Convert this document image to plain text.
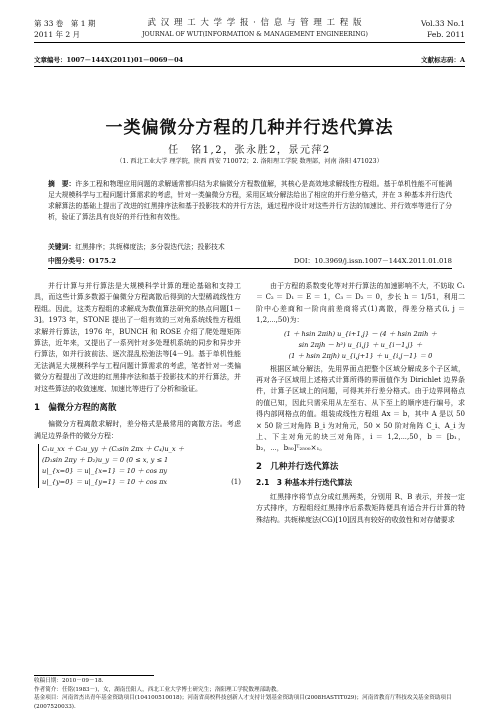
第 33 卷　第 1 期
2011 年 2 月
武 汉 理 工 大 学 学 报 · 信 息 与 管 理 工 程 版
JOURNAL OF WUT(INFORMATION & MANAGEMENT ENGINEERING)
Vol.33 No.1
Feb. 2011
文章编号：1007－144X(2011)01－0069－04	文献标志码：A
一类偏微分方程的几种并行迭代算法
任　铭1,2，张永胜2，景元萍2
（1. 西北工业大学 理学院，陕西 西安 710072；2. 洛阳理工学院 数理部，河南 洛阳 471023）
摘　要：许多工程和物理应用问题的求解通常都归结为求偏微分方程数值解，其核心是高效地求解线性方程组。基于单机性能不可能满足大规模科学与工程问题计算需求的考虑，针对一类偏微分方程，采用区域分解法给出了相应的并行差分格式，并在 3 种基本并行迭代求解算法的基础上提出了改进的红黑排序法和基于投影技术的并行方法，通过程序设计对这些并行方法的加速比、并行效率等进行了分析，验证了算法具有良好的并行性和有效性。
关键词：红黑排序；共轭梯度法；多分裂迭代法；投影技术
中图分类号：O175.2	DOI：10.3969/j.issn.1007－144X.2011.01.018
并行计算与并行算法是大规模科学计算的理论基础和支持工具，而这些计算多数源于偏微分方程离散后得到的大型稀疏线性方程组。因此，这类方程组的求解成为数值算法研究的热点问题[1－3]。1973 年，STONE 提出了一组有效的三对角系统线性方程组求解并行算法，1976 年，BUNCH 和 ROSE 介绍了爬处理矩阵算法，近年来，又提出了一系列针对多处理机系统的同步和异步并行算法，如并行波前法、逐次混乱松弛法等[4－9]。基于单机性能无法满足大规模科学与工程问题计算需求的考虑，笔者针对一类偏微分方程提出了改进的红黑排序法和基于投影技术的并行算法，并对这些算法的收敛速度、加速比等进行了分析和验证。
1　偏微分方程的离散
偏微分方程离散求解时，差分格式是最常用的离散方法。考虑满足边界条件的微分方程：
C₁u_xx ＋ C₂u_yy ＋ (C₃sin 2πx ＋ C₄)u_x ＋
(D₁sin 2πy ＋ D₂)u_y ＝ 0 (0 ≤ x, y ≤ 1
u|_{x=0} ＝ u|_{x=1} ＝ 10 ＋ cos πy
u|_{y=0} ＝ u|_{y=1} ＝ 10 ＋ cos πx	(1)
由于方程的系数变化等对并行算法的加速影响不大，不妨取 C₁ ＝ C₂ ＝ D₁ ＝ E ＝ 1，C₃ ＝ D₂ ＝ 0，步长 h ＝ 1/51，利用二阶中心差商和一阶向前差商将式(1)离散，得差分格式(i, j ＝ 1,2,⋯,50)为：
(1 ＋ hsin 2πih) u_{i+1,j} － (4 ＋ hsin 2πih ＋
sin 2πjh － h²) u_{i,j} ＋ u_{i－1,j} ＋
(1 ＋ hsin 2πjh) u_{i,j+1} ＋ u_{i,j－1} ＝ 0
根据区域分解法，先用界面点把整个区域分解成多个子区域，再对各子区域用上述格式计算所得的界面值作为 Dirichlet 边界条件，计算子区域上的问题，可得其并行差分格式。由于边界网格点的值已知，因此只需采用从左至右、从下至上的顺序进行编号，求得内部网格点的值。组装成线性方程组 Ax ＝ b，其中 A 是以 50 × 50 阶三对角阵 B_i 为对角元，50 × 50 阶对角阵 C_i、A_i 为上、下主对角元的块三对角阵，i ＝ 1,2,⋯,50，b ＝ [b₁，b₂，⋯，b₅₀]ᵀ₂₅₀₀×₁。
2　几种并行迭代算法
2.1　3 种基本并行迭代算法
红黑排序将节点分成红黑两类，分别用 R、B 表示，并按一定方式排序，方程组经红黑排序后系数矩阵便具有适合并行计算的特殊结构。共轭梯度法(CG)[10]因具有较好的收敛性和对存储要求
收稿日期：2010－09－18.
作者简介：任铭(1983－)，女，湖南岳阳人，西北工业大学博士研究生；洛阳理工学院数理部助教。
基金项目：河南省杰出青年基金资助项目(104100510018)；河南省高校科技创新人才支持计划基金资助项目(2008HASTIT029)；河南省教育厅科技攻关基金资助项目(2007520033).
